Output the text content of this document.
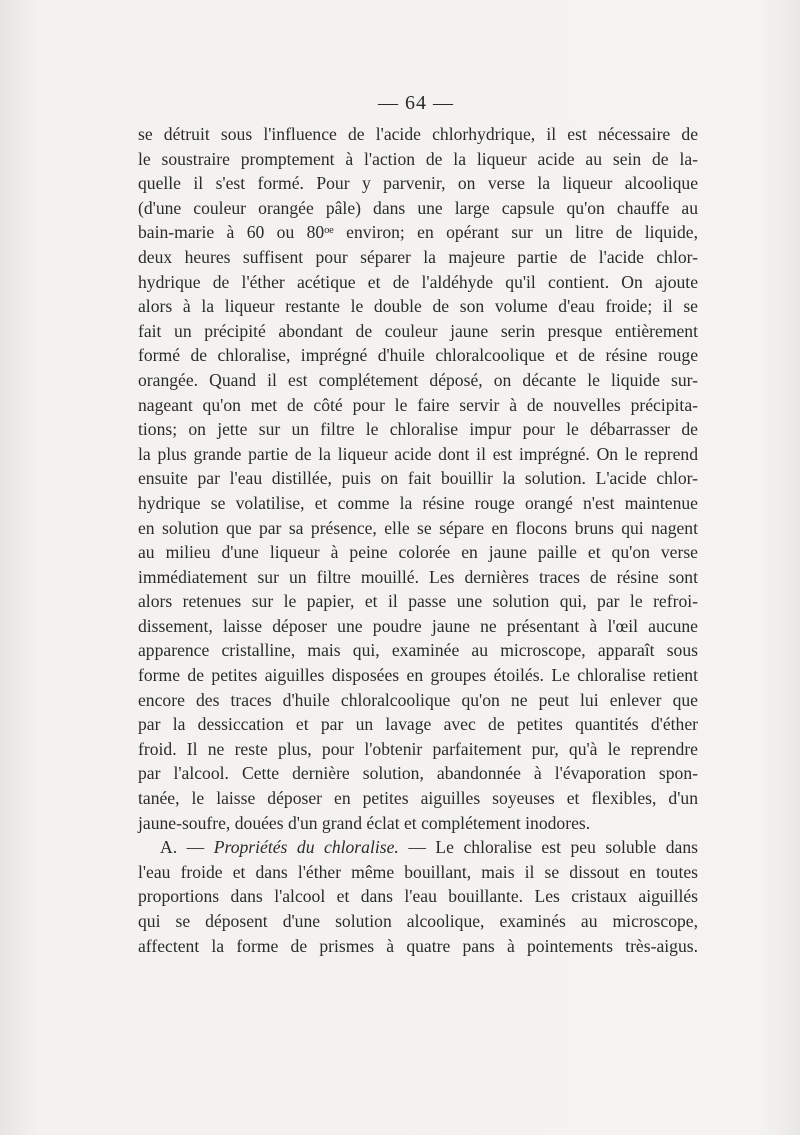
— 64 —
se détruit sous l'influence de l'acide chlorhydrique, il est nécessaire de
le soustraire promptement à l'action de la liqueur acide au sein de la-
quelle il s'est formé. Pour y parvenir, on verse la liqueur alcoolique
(d'une couleur orangée pâle) dans une large capsule qu'on chauffe au
bain-marie à 60 ou 80ᵒᵉ environ; en opérant sur un litre de liquide,
deux heures suffisent pour séparer la majeure partie de l'acide chlor-
hydrique de l'éther acétique et de l'aldéhyde qu'il contient. On ajoute
alors à la liqueur restante le double de son volume d'eau froide; il se
fait un précipité abondant de couleur jaune serin presque entièrement
formé de chloralise, imprégné d'huile chloralcoolique et de résine rouge
orangée. Quand il est complétement déposé, on décante le liquide sur-
nageant qu'on met de côté pour le faire servir à de nouvelles précipita-
tions; on jette sur un filtre le chloralise impur pour le débarrasser de
la plus grande partie de la liqueur acide dont il est imprégné. On le reprend
ensuite par l'eau distillée, puis on fait bouillir la solution. L'acide chlor-
hydrique se volatilise, et comme la résine rouge orangé n'est maintenue
en solution que par sa présence, elle se sépare en flocons bruns qui nagent
au milieu d'une liqueur à peine colorée en jaune paille et qu'on verse
immédiatement sur un filtre mouillé. Les dernières traces de résine sont
alors retenues sur le papier, et il passe une solution qui, par le refroi-
dissement, laisse déposer une poudre jaune ne présentant à l'œil aucune
apparence cristalline, mais qui, examinée au microscope, apparaît sous
forme de petites aiguilles disposées en groupes étoilés. Le chloralise retient
encore des traces d'huile chloralcoolique qu'on ne peut lui enlever que
par la dessiccation et par un lavage avec de petites quantités d'éther
froid. Il ne reste plus, pour l'obtenir parfaitement pur, qu'à le reprendre
par l'alcool. Cette dernière solution, abandonnée à l'évaporation spon-
tanée, le laisse déposer en petites aiguilles soyeuses et flexibles, d'un
jaune-soufre, douées d'un grand éclat et complétement inodores.
A. — Propriétés du chloralise. — Le chloralise est peu soluble dans
l'eau froide et dans l'éther même bouillant, mais il se dissout en toutes
proportions dans l'alcool et dans l'eau bouillante. Les cristaux aiguillés
qui se déposent d'une solution alcoolique, examinés au microscope,
affectent la forme de prismes à quatre pans à pointements très-aigus.
